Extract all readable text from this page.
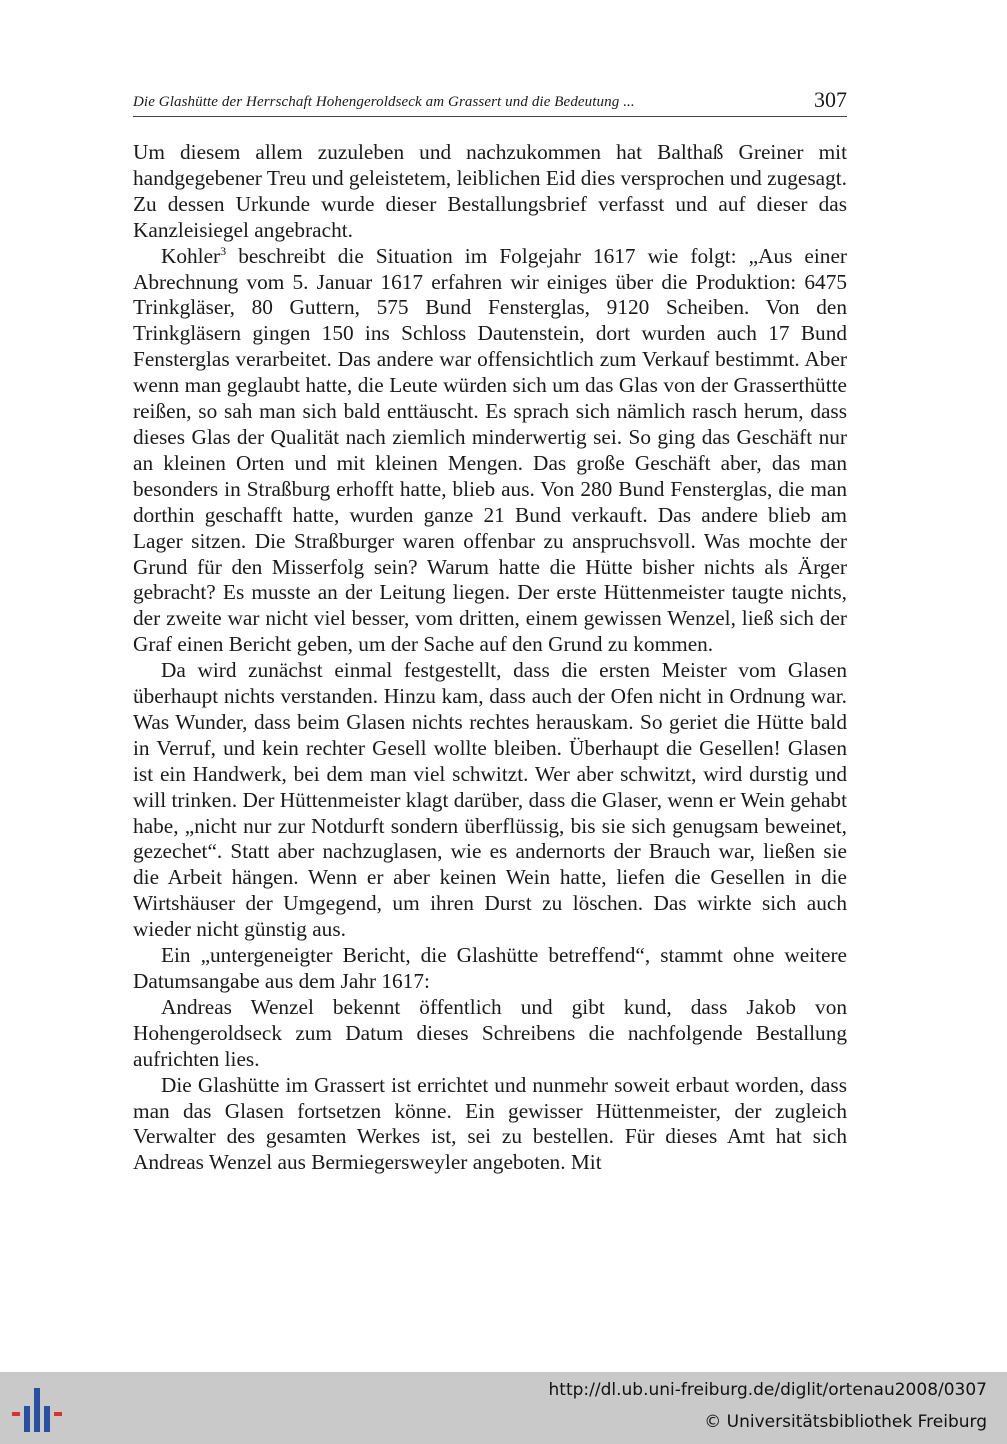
Die Glashütte der Herrschaft Hohengeroldseck am Grassert und die Bedeutung ...	307

Um diesem allem zuzuleben und nachzukommen hat Balthaß Greiner mit handgegebener Treu und geleistetem, leiblichen Eid dies versprochen und zugesagt. Zu dessen Urkunde wurde dieser Bestallungsbrief verfasst und auf dieser das Kanzleisiegel angebracht.

Kohler$^3$ beschreibt die Situation im Folgejahr 1617 wie folgt: „Aus einer Abrechnung vom 5. Januar 1617 erfahren wir einiges über die Produktion: 6475 Trinkgläser, 80 Guttern, 575 Bund Fensterglas, 9120 Scheiben. Von den Trinkgläsern gingen 150 ins Schloss Dautenstein, dort wurden auch 17 Bund Fensterglas verarbeitet. Das andere war offensichtlich zum Verkauf bestimmt. Aber wenn man geglaubt hatte, die Leute würden sich um das Glas von der Grasserthütte reißen, so sah man sich bald enttäuscht. Es sprach sich nämlich rasch herum, dass dieses Glas der Qualität nach ziemlich minderwertig sei. So ging das Geschäft nur an kleinen Orten und mit kleinen Mengen. Das große Geschäft aber, das man besonders in Straßburg erhofft hatte, blieb aus. Von 280 Bund Fensterglas, die man dorthin geschafft hatte, wurden ganze 21 Bund verkauft. Das andere blieb am Lager sitzen. Die Straßburger waren offenbar zu anspruchsvoll. Was mochte der Grund für den Misserfolg sein? Warum hatte die Hütte bisher nichts als Ärger gebracht? Es musste an der Leitung liegen. Der erste Hüttenmeister taugte nichts, der zweite war nicht viel besser, vom dritten, einem gewissen Wenzel, ließ sich der Graf einen Bericht geben, um der Sache auf den Grund zu kommen.

Da wird zunächst einmal festgestellt, dass die ersten Meister vom Glasen überhaupt nichts verstanden. Hinzu kam, dass auch der Ofen nicht in Ordnung war. Was Wunder, dass beim Glasen nichts rechtes herauskam. So geriet die Hütte bald in Verruf, und kein rechter Gesell wollte bleiben. Überhaupt die Gesellen! Glasen ist ein Handwerk, bei dem man viel schwitzt. Wer aber schwitzt, wird durstig und will trinken. Der Hüttenmeister klagt darüber, dass die Glaser, wenn er Wein gehabt habe, „nicht nur zur Notdurft sondern überflüssig, bis sie sich genugsam beweinet, gezechet“. Statt aber nachzuglasen, wie es andernorts der Brauch war, ließen sie die Arbeit hängen. Wenn er aber keinen Wein hatte, liefen die Gesellen in die Wirtshäuser der Umgegend, um ihren Durst zu löschen. Das wirkte sich auch wieder nicht günstig aus.

Ein „untergeneigter Bericht, die Glashütte betreffend“, stammt ohne weitere Datumsangabe aus dem Jahr 1617:

Andreas Wenzel bekennt öffentlich und gibt kund, dass Jakob von Hohengeroldseck zum Datum dieses Schreibens die nachfolgende Bestallung aufrichten lies.

Die Glashütte im Grassert ist errichtet und nunmehr soweit erbaut worden, dass man das Glasen fortsetzen könne. Ein gewisser Hüttenmeister, der zugleich Verwalter des gesamten Werkes ist, sei zu bestellen. Für dieses Amt hat sich Andreas Wenzel aus Bermiegersweyler angeboten. Mit

http://dl.ub.uni-freiburg.de/diglit/ortenau2008/0307
© Universitätsbibliothek Freiburg
